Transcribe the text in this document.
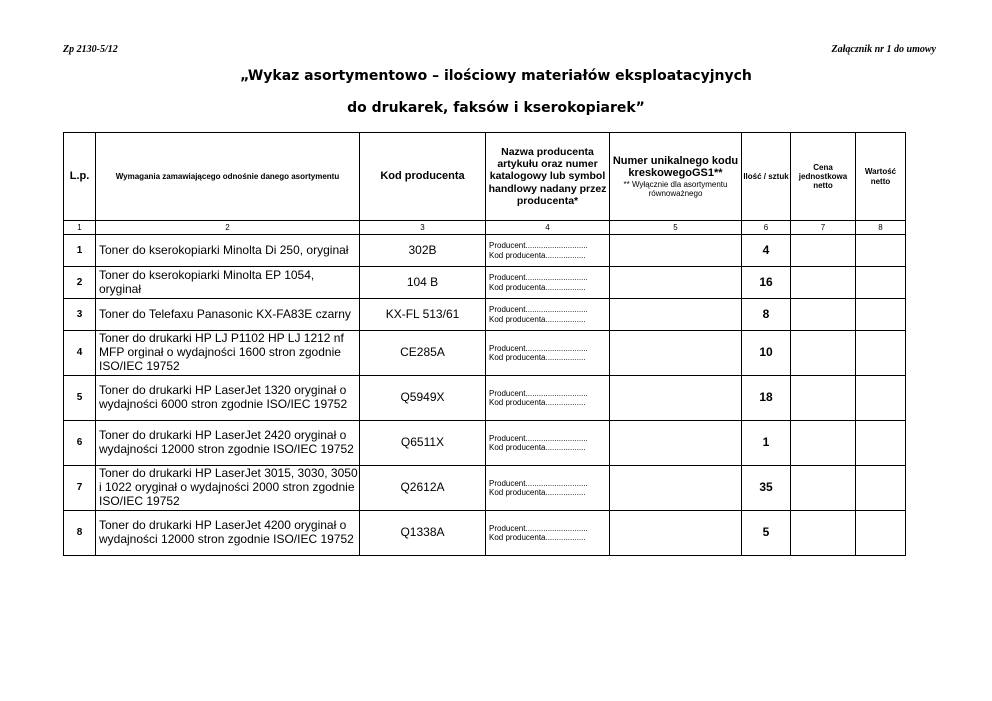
Zp 2130-5/12	Załącznik nr 1 do umowy
„Wykaz asortymentowo – ilościowy materiałów eksploatacyjnych
do drukarek, faksów i kserokopiarek”
L.p.	Wymagania zamawiającego odnośnie danego asortymentu	Kod producenta	Nazwa producenta artykułu oraz numer katalogowy lub symbol handlowy nadany przez producenta*	Numer unikalnego kodu kreskowegoGS1**
** Wyłącznie dla asortymentu równoważnego	Ilość / sztuk	Cena jednostkowa netto	Wartość netto
1	2	3	4	5	6	7	8
1	Toner do kserokopiarki Minolta Di 250, oryginał	302B	Producent............................
Kod producenta..................		4		
2	Toner do kserokopiarki Minolta EP 1054, oryginał	104 B	Producent............................
Kod producenta..................		16		
3	Toner do Telefaxu Panasonic KX-FA83E czarny	KX-FL 513/61	Producent............................
Kod producenta..................		8		
4	Toner do drukarki HP LJ P1102 HP LJ 1212 nf MFP orginał o wydajności 1600 stron zgodnie ISO/IEC 19752	CE285A	Producent............................
Kod producenta..................		10		
5	Toner do drukarki HP LaserJet 1320 oryginał o wydajności 6000 stron zgodnie ISO/IEC 19752	Q5949X	Producent............................
Kod producenta..................		18		
6	Toner do drukarki HP LaserJet 2420 oryginał o wydajności 12000 stron zgodnie ISO/IEC 19752	Q6511X	Producent............................
Kod producenta..................		1		
7	Toner do drukarki HP LaserJet 3015, 3030, 3050 i 1022 oryginał o wydajności 2000 stron zgodnie ISO/IEC 19752	Q2612A	Producent............................
Kod producenta..................		35		
8	Toner do drukarki HP LaserJet 4200 oryginał o wydajności 12000 stron zgodnie ISO/IEC 19752	Q1338A	Producent............................
Kod producenta..................		5		
